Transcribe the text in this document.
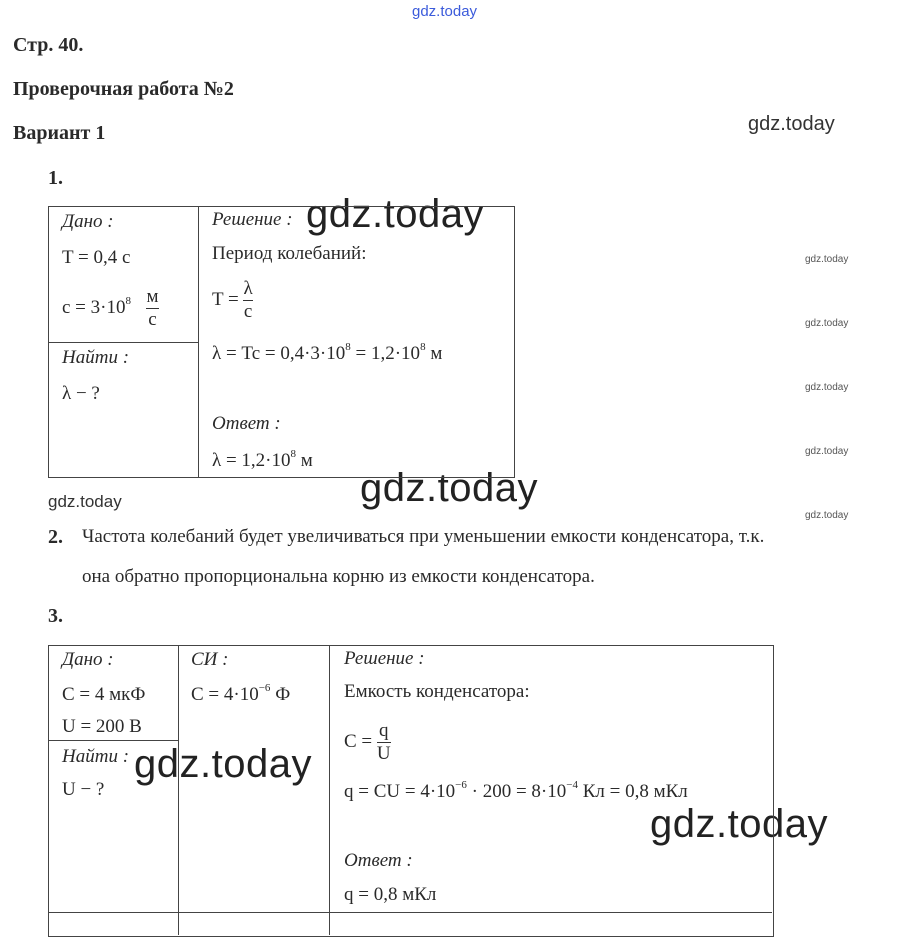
gdz.today
gdz.today
gdz.today
gdz.today
gdz.today
gdz.today
gdz.today
gdz.today
gdz.today
gdz.today
gdz.today
gdz.today
Стр. 40.
Проверочная работа №2
Вариант 1
1.
Дано :
T = 0,4 с
$c = 3\cdot 10^8 \frac{м}{с}$
Найти :
λ − ?
Решение :
Период колебаний:
$T = \frac{\lambda}{c}$
$\lambda = Tc = 0,4\cdot 3\cdot 10^8 = 1,2\cdot 10^8$ м
Ответ :
$\lambda = 1,2\cdot 10^8$ м
2. Частота колебаний будет увеличиваться при уменьшении емкости конденсатора, т.к.
она обратно пропорциональна корню из емкости конденсатора.
3.
Дано :
C = 4 мкФ
U = 200 В
Найти :
U − ?
СИ :
$C = 4\cdot 10^{-6}$ Ф
Решение :
Емкость конденсатора:
$C = \frac{q}{U}$
q = CU = $4\cdot 10^{-6} \cdot 200 = 8\cdot 10^{-4}$ Кл = 0,8 мКл
Ответ :
q = 0,8 мКл
